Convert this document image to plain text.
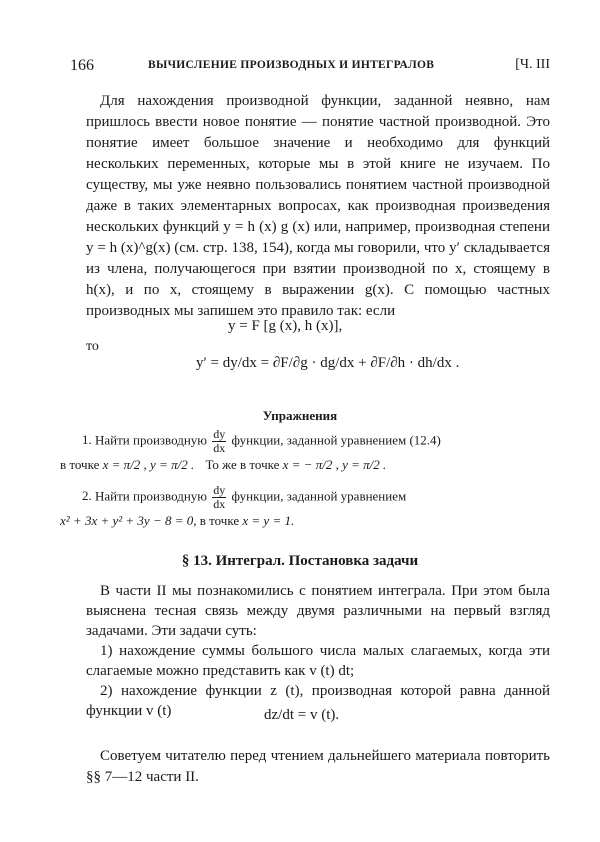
166	ВЫЧИСЛЕНИЕ ПРОИЗВОДНЫХ И ИНТЕГРАЛОВ	[Ч. III
Для нахождения производной функции, заданной неявно, нам пришлось ввести новое понятие — понятие частной производной. Это понятие имеет большое значение и необходимо для функций нескольких переменных, которые мы в этой книге не изучаем. По существу, мы уже неявно пользовались понятием частной производной даже в таких элементарных вопросах, как производная произведения нескольких функций y = h (x) g (x) или, например, производная степени y = h (x)^g(x) (см. стр. 138, 154), когда мы говорили, что y′ складывается из члена, получающегося при взятии производной по x, стоящему в h(x), и по x, стоящему в выражении g(x). С помощью частных производных мы запишем это правило так: если
y = F [g (x), h (x)],
то
y′ = dy/dx = ∂F/∂g · dg/dx + ∂F/∂h · dh/dx .
Упражнения
1. Найти производную $\frac{dy}{dx}$ функции, заданной уравнением (12.4)
в точке x = π/2 , y = π/2 . То же в точке x = − π/2 , y = π/2 .
2. Найти производную $\frac{dy}{dx}$ функции, заданной уравнением
x² + 3x + y² + 3y − 8 = 0, в точке x = y = 1.
§ 13. Интеграл. Постановка задачи
В части II мы познакомились с понятием интеграла. При этом была выяснена тесная связь между двумя различными на первый взгляд задачами. Эти задачи суть:
1) нахождение суммы большого числа малых слагаемых, когда эти слагаемые можно представить как v (t) dt;
2) нахождение функции z (t), производная которой равна данной функции v (t)	dz/dt = v (t).
Советуем читателю перед чтением дальнейшего материала повторить §§ 7—12 части II.
